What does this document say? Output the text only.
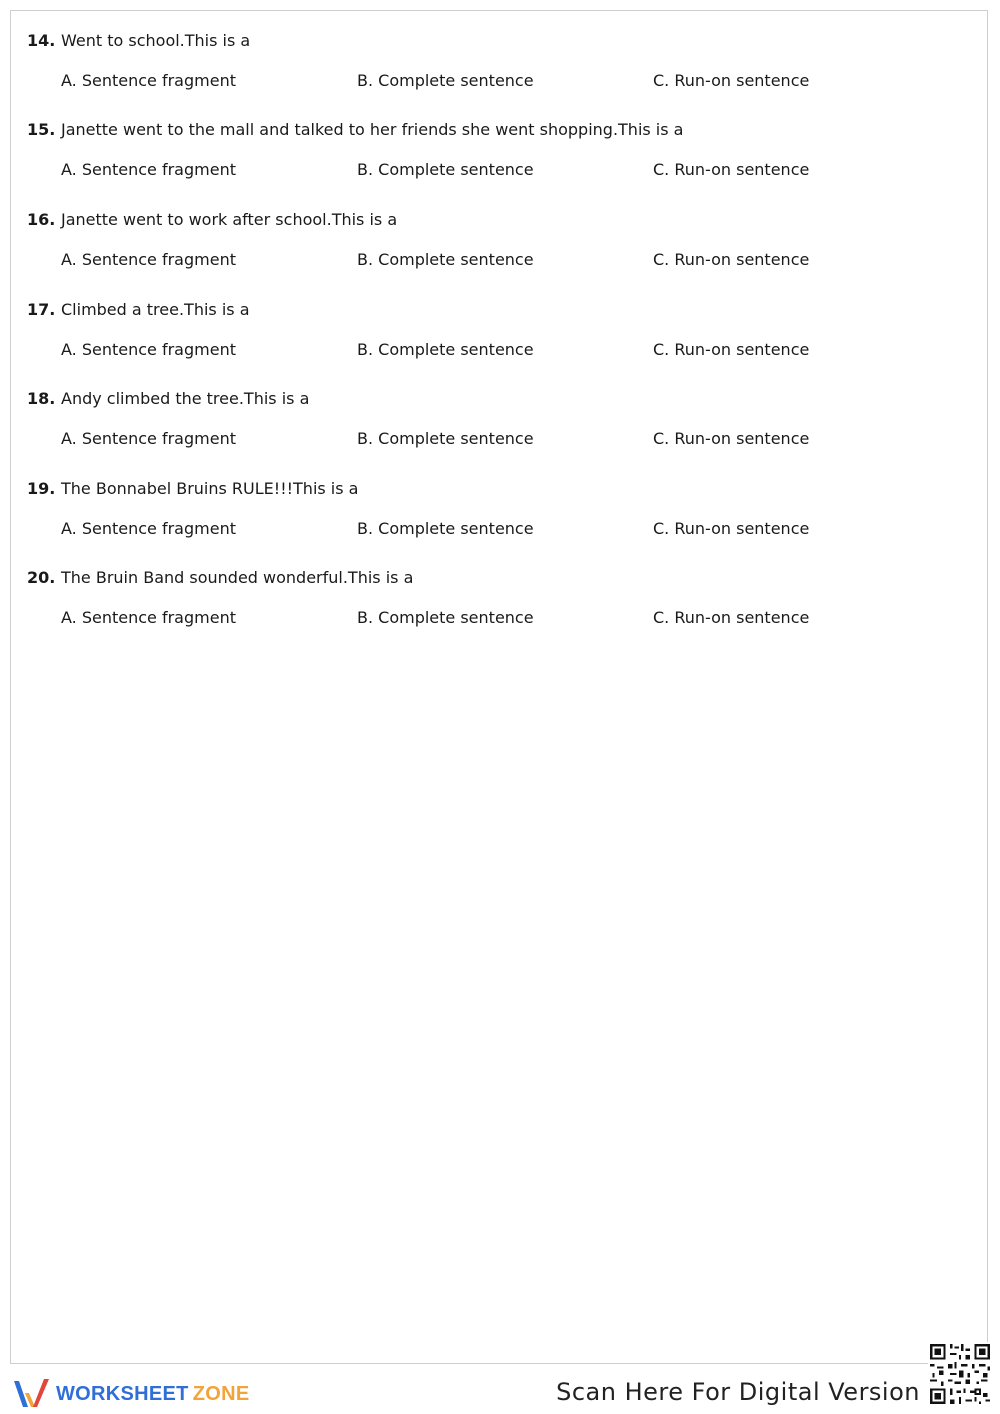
14. Went to school.This is a
A. Sentence fragment	B. Complete sentence	C. Run-on sentence
15. Janette went to the mall and talked to her friends she went shopping.This is a
A. Sentence fragment	B. Complete sentence	C. Run-on sentence
16. Janette went to work after school.This is a
A. Sentence fragment	B. Complete sentence	C. Run-on sentence
17. Climbed a tree.This is a
A. Sentence fragment	B. Complete sentence	C. Run-on sentence
18. Andy climbed the tree.This is a
A. Sentence fragment	B. Complete sentence	C. Run-on sentence
19. The Bonnabel Bruins RULE!!!This is a
A. Sentence fragment	B. Complete sentence	C. Run-on sentence
20. The Bruin Band sounded wonderful.This is a
A. Sentence fragment	B. Complete sentence	C. Run-on sentence
WORKSHEET ZONE	Scan Here For Digital Version
